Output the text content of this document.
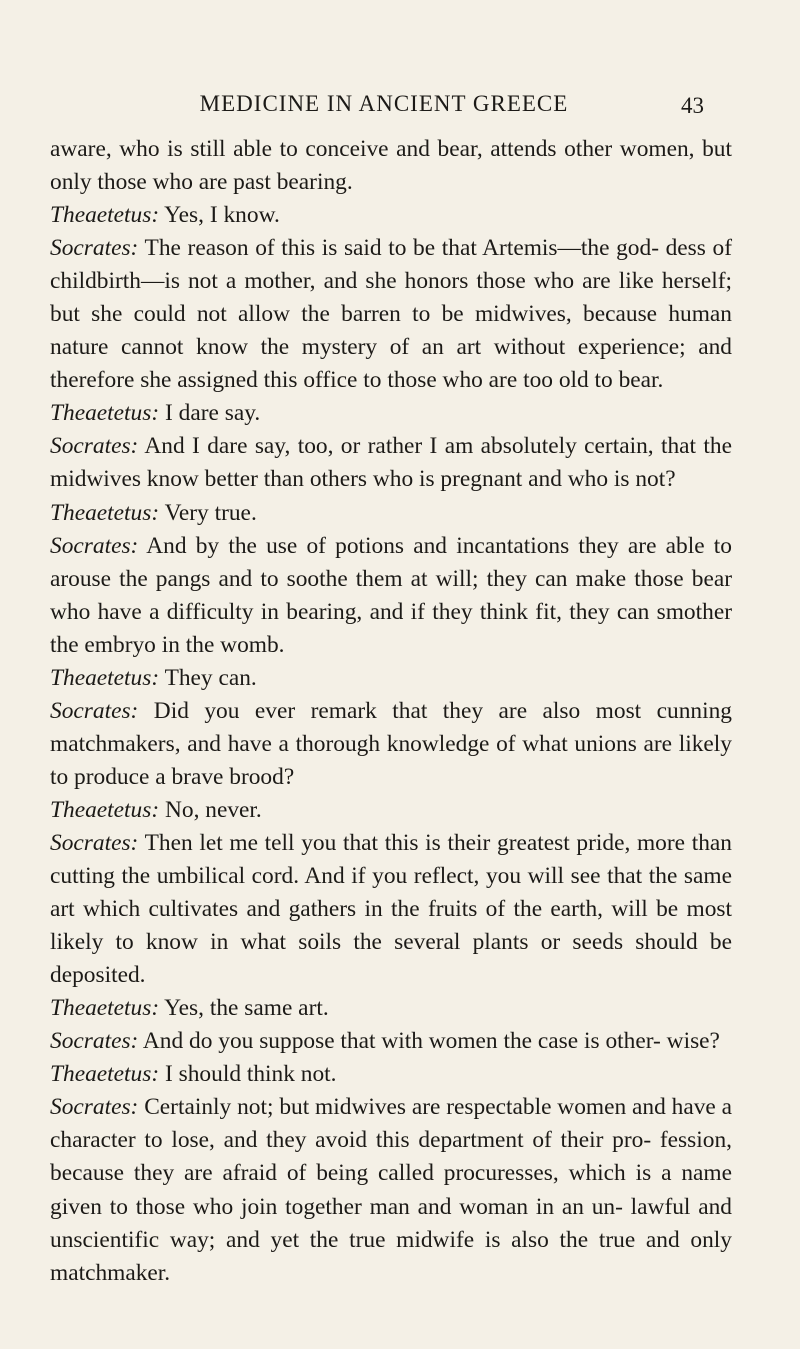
MEDICINE IN ANCIENT GREECE	43

aware, who is still able to conceive and bear, attends other women, but only those who are past bearing.

Theaetetus: Yes, I know.

Socrates: The reason of this is said to be that Artemis—the god- dess of childbirth—is not a mother, and she honors those who are like herself; but she could not allow the barren to be midwives, because human nature cannot know the mystery of an art without experience; and therefore she assigned this office to those who are too old to bear.

Theaetetus: I dare say.

Socrates: And I dare say, too, or rather I am absolutely certain, that the midwives know better than others who is pregnant and who is not?

Theaetetus: Very true.

Socrates: And by the use of potions and incantations they are able to arouse the pangs and to soothe them at will; they can make those bear who have a difficulty in bearing, and if they think fit, they can smother the embryo in the womb.

Theaetetus: They can.

Socrates: Did you ever remark that they are also most cunning matchmakers, and have a thorough knowledge of what unions are likely to produce a brave brood?

Theaetetus: No, never.

Socrates: Then let me tell you that this is their greatest pride, more than cutting the umbilical cord. And if you reflect, you will see that the same art which cultivates and gathers in the fruits of the earth, will be most likely to know in what soils the several plants or seeds should be deposited.

Theaetetus: Yes, the same art.

Socrates: And do you suppose that with women the case is other- wise?

Theaetetus: I should think not.

Socrates: Certainly not; but midwives are respectable women and have a character to lose, and they avoid this department of their pro- fession, because they are afraid of being called procuresses, which is a name given to those who join together man and woman in an un- lawful and unscientific way; and yet the true midwife is also the true and only matchmaker.
